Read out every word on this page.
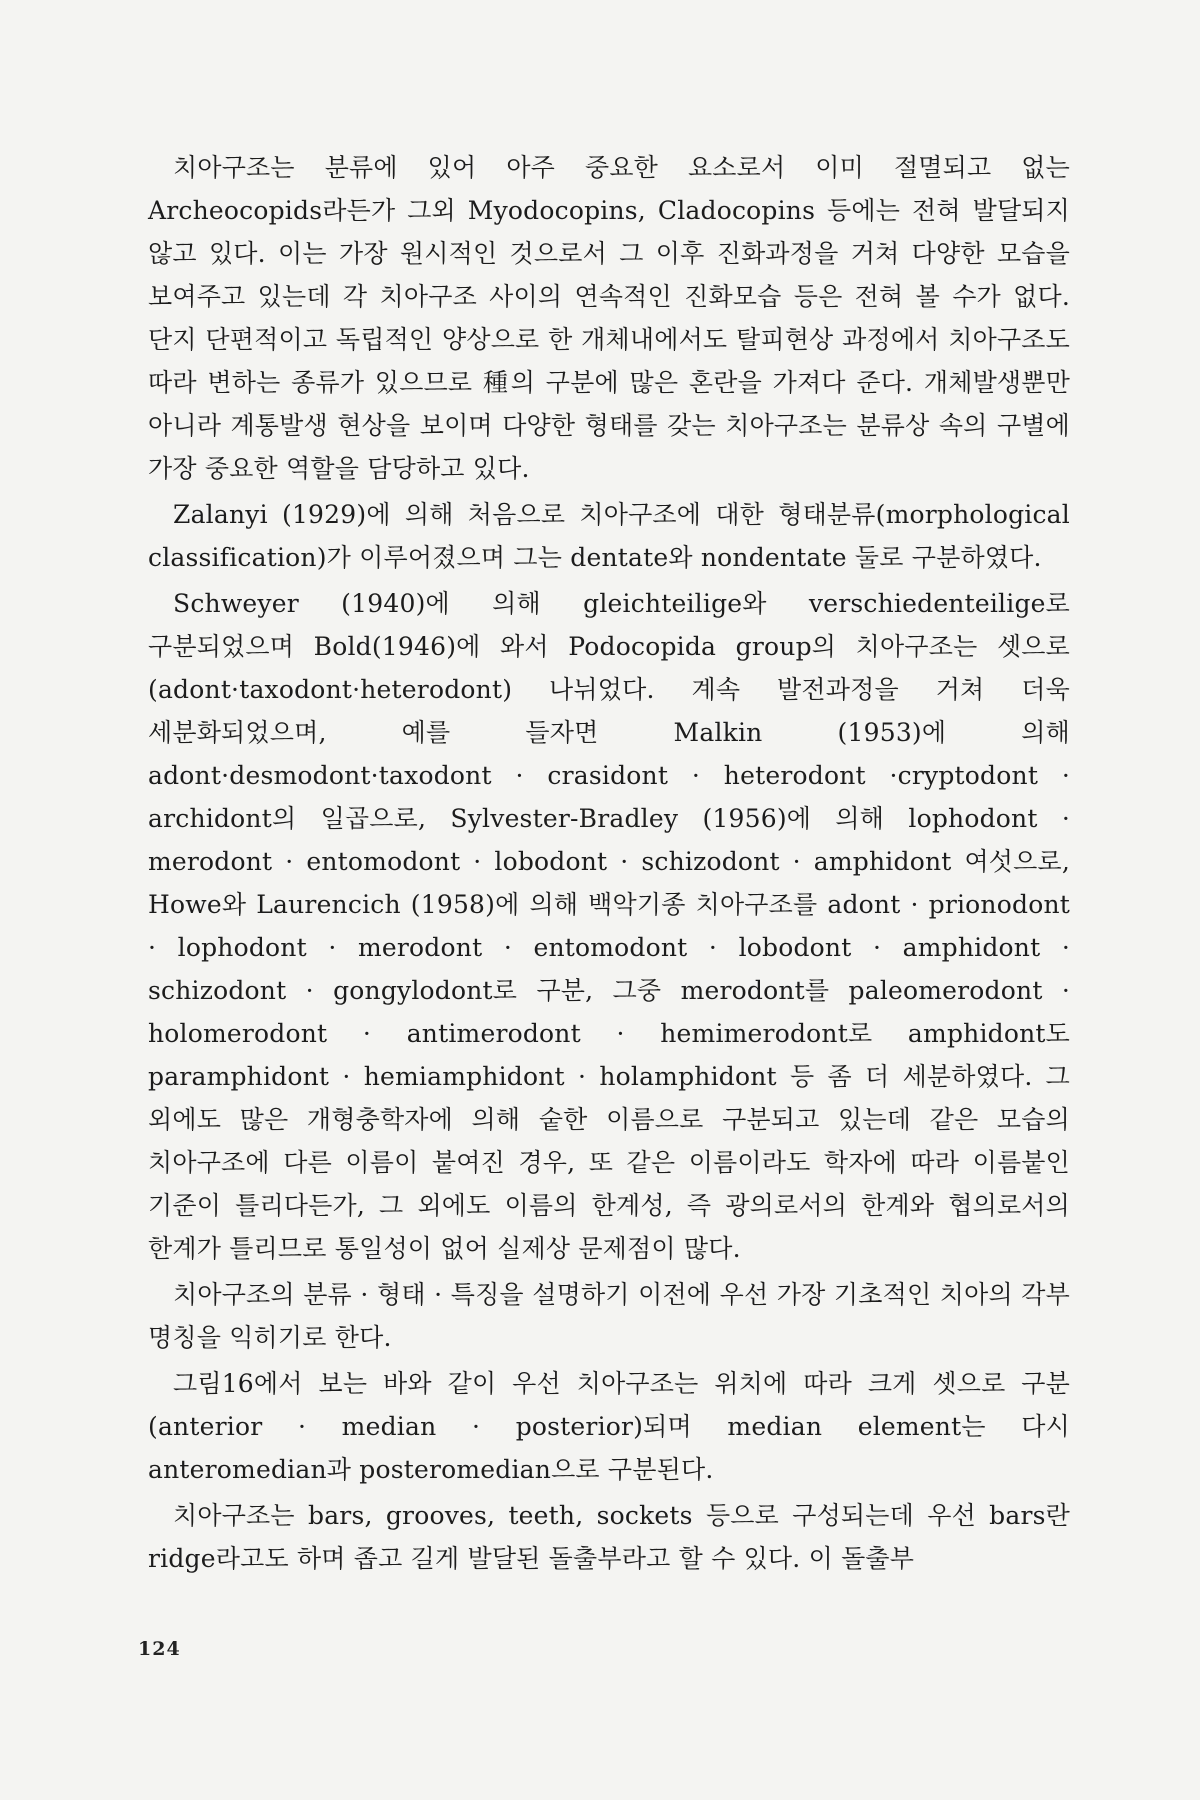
치아구조는 분류에 있어 아주 중요한 요소로서 이미 절멸되고 없는 Archeocopids라든가 그외 Myodocopins, Cladocopins 등에는 전혀 발달되지 않고 있다. 이는 가장 원시적인 것으로서 그 이후 진화과정을 거쳐 다양한 모습을 보여주고 있는데 각 치아구조 사이의 연속적인 진화모습 등은 전혀 볼 수가 없다. 단지 단편적이고 독립적인 양상으로 한 개체내에서도 탈피현상 과정에서 치아구조도 따라 변하는 종류가 있으므로 種의 구분에 많은 혼란을 가져다 준다. 개체발생뿐만 아니라 계통발생 현상을 보이며 다양한 형태를 갖는 치아구조는 분류상 속의 구별에 가장 중요한 역할을 담당하고 있다.

Zalanyi (1929)에 의해 처음으로 치아구조에 대한 형태분류(morphological classification)가 이루어졌으며 그는 dentate와 nondentate 둘로 구분하였다.

Schweyer (1940)에 의해 gleichteilige와 verschiedenteilige로 구분되었으며 Bold(1946)에 와서 Podocopida group의 치아구조는 셋으로(adont·taxodont·heterodont) 나뉘었다. 계속 발전과정을 거쳐 더욱 세분화되었으며, 예를 들자면 Malkin (1953)에 의해 adont·desmodont·taxodont · crasidont · heterodont ·cryptodont · archidont의 일곱으로, Sylvester-Bradley (1956)에 의해 lophodont · merodont · entomodont · lobodont · schizodont · amphidont 여섯으로, Howe와 Laurencich (1958)에 의해 백악기종 치아구조를 adont · prionodont · lophodont · merodont · entomodont · lobodont · amphidont · schizodont · gongylodont로 구분, 그중 merodont를 paleomerodont · holomerodont · antimerodont · hemimerodont로 amphidont도 paramphidont · hemiamphidont · holamphidont 등 좀 더 세분하였다. 그 외에도 많은 개형충학자에 의해 숱한 이름으로 구분되고 있는데 같은 모습의 치아구조에 다른 이름이 붙여진 경우, 또 같은 이름이라도 학자에 따라 이름붙인 기준이 틀리다든가, 그 외에도 이름의 한계성, 즉 광의로서의 한계와 협의로서의 한계가 틀리므로 통일성이 없어 실제상 문제점이 많다.

치아구조의 분류 · 형태 · 특징을 설명하기 이전에 우선 가장 기초적인 치아의 각부 명칭을 익히기로 한다.

그림16에서 보는 바와 같이 우선 치아구조는 위치에 따라 크게 셋으로 구분(anterior · median · posterior)되며 median element는 다시 anteromedian과 posteromedian으로 구분된다.

치아구조는 bars, grooves, teeth, sockets 등으로 구성되는데 우선 bars란 ridge라고도 하며 좁고 길게 발달된 돌출부라고 할 수 있다. 이 돌출부

124
